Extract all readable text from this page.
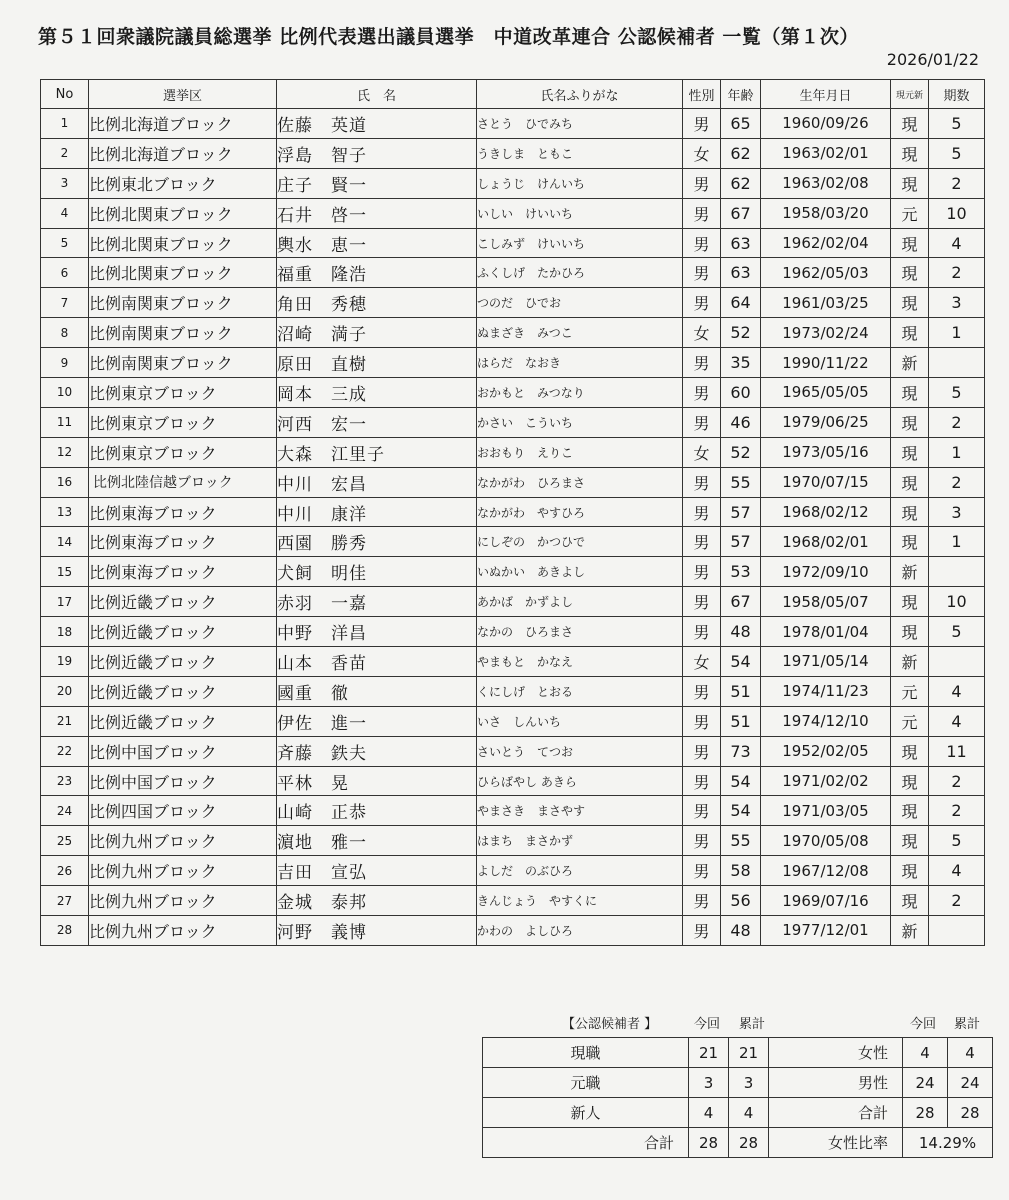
第５１回衆議院議員総選挙 比例代表選出議員選挙　中道改革連合 公認候補者 一覧（第１次）
2026/01/22
No	選挙区	氏　名	氏名ふりがな	性別	年齢	生年月日	現元新	期数
1	比例北海道ブロック	佐藤　英道	さとう　ひでみち	男	65	1960/09/26	現	5
2	比例北海道ブロック	浮島　智子	うきしま　ともこ	女	62	1963/02/01	現	5
3	比例東北ブロック	庄子　賢一	しょうじ　けんいち	男	62	1963/02/08	現	2
4	比例北関東ブロック	石井　啓一	いしい　けいいち	男	67	1958/03/20	元	10
5	比例北関東ブロック	輿水　恵一	こしみず　けいいち	男	63	1962/02/04	現	4
6	比例北関東ブロック	福重　隆浩	ふくしげ　たかひろ	男	63	1962/05/03	現	2
7	比例南関東ブロック	角田　秀穂	つのだ　ひでお	男	64	1961/03/25	現	3
8	比例南関東ブロック	沼崎　満子	ぬまざき　みつこ	女	52	1973/02/24	現	1
9	比例南関東ブロック	原田　直樹	はらだ　なおき	男	35	1990/11/22	新	
10	比例東京ブロック	岡本　三成	おかもと　みつなり	男	60	1965/05/05	現	5
11	比例東京ブロック	河西　宏一	かさい　こういち	男	46	1979/06/25	現	2
12	比例東京ブロック	大森　江里子	おおもり　えりこ	女	52	1973/05/16	現	1
16	比例北陸信越ブロック	中川　宏昌	なかがわ　ひろまさ	男	55	1970/07/15	現	2
13	比例東海ブロック	中川　康洋	なかがわ　やすひろ	男	57	1968/02/12	現	3
14	比例東海ブロック	西園　勝秀	にしぞの　かつひで	男	57	1968/02/01	現	1
15	比例東海ブロック	犬飼　明佳	いぬかい　あきよし	男	53	1972/09/10	新	
17	比例近畿ブロック	赤羽　一嘉	あかば　かずよし	男	67	1958/05/07	現	10
18	比例近畿ブロック	中野　洋昌	なかの　ひろまさ	男	48	1978/01/04	現	5
19	比例近畿ブロック	山本　香苗	やまもと　かなえ	女	54	1971/05/14	新	
20	比例近畿ブロック	國重　徹	くにしげ　とおる	男	51	1974/11/23	元	4
21	比例近畿ブロック	伊佐　進一	いさ　しんいち	男	51	1974/12/10	元	4
22	比例中国ブロック	斉藤　鉄夫	さいとう　てつお	男	73	1952/02/05	現	11
23	比例中国ブロック	平林　晃	ひらばやし あきら	男	54	1971/02/02	現	2
24	比例四国ブロック	山崎　正恭	やまさき　まさやす	男	54	1971/03/05	現	2
25	比例九州ブロック	濵地　雅一	はまち　まさかず	男	55	1970/05/08	現	5
26	比例九州ブロック	吉田　宣弘	よしだ　のぶひろ	男	58	1967/12/08	現	4
27	比例九州ブロック	金城　泰邦	きんじょう　やすくに	男	56	1969/07/16	現	2
28	比例九州ブロック	河野　義博	かわの　よしひろ	男	48	1977/12/01	新	
【公認候補者 】	今回 累計	今回 累計
現職	21	21	女性	4	4
元職	3	3	男性	24	24
新人	4	4	合計	28	28
合計	28	28	女性比率	14.29%	
